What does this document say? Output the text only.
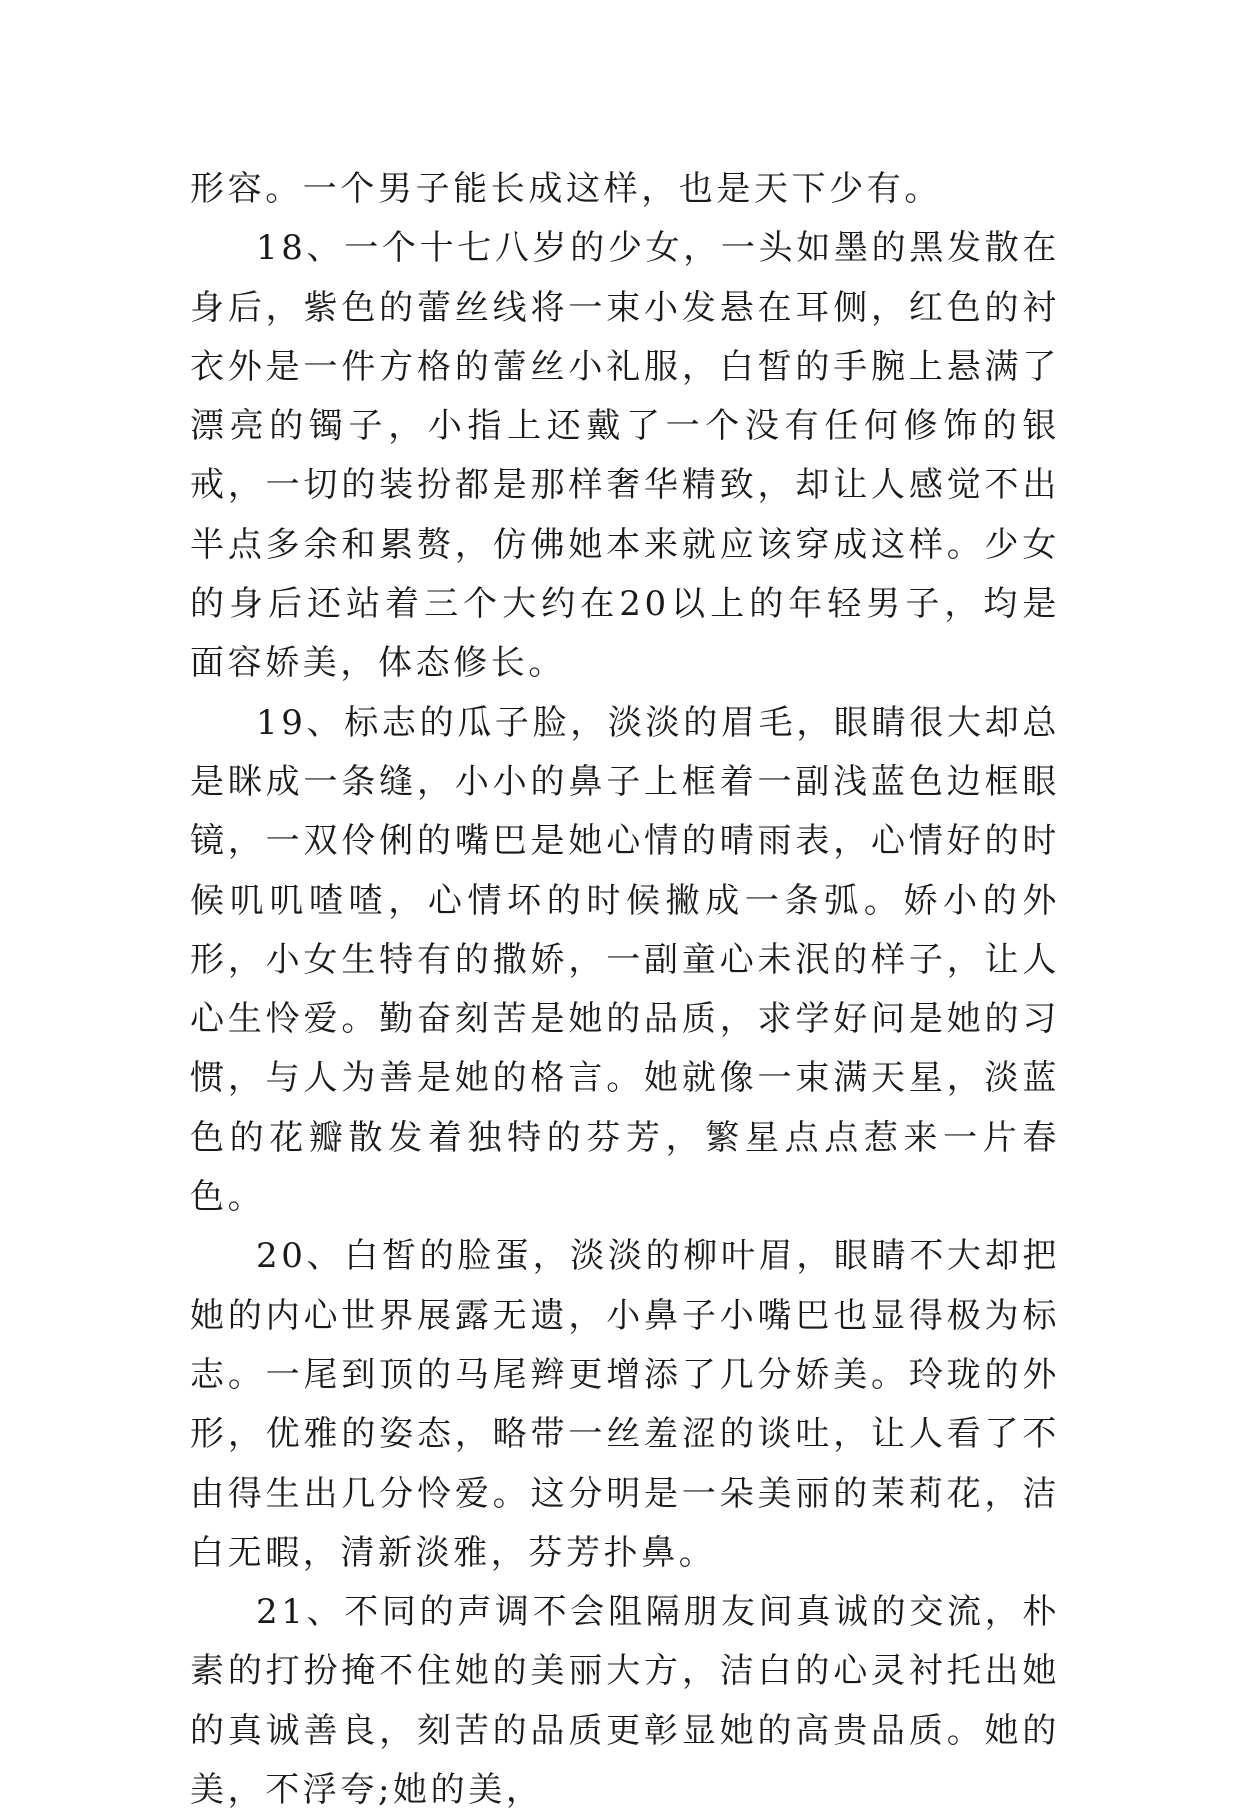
形容。一个男子能长成这样，也是天下少有。

18、一个十七八岁的少女，一头如墨的黑发散在身后，紫色的蕾丝线将一束小发悬在耳侧，红色的衬衣外是一件方格的蕾丝小礼服，白皙的手腕上悬满了漂亮的镯子，小指上还戴了一个没有任何修饰的银戒，一切的装扮都是那样奢华精致，却让人感觉不出半点多余和累赘，仿佛她本来就应该穿成这样。少女的身后还站着三个大约在20以上的年轻男子，均是面容娇美，体态修长。

19、标志的瓜子脸，淡淡的眉毛，眼睛很大却总是眯成一条缝，小小的鼻子上框着一副浅蓝色边框眼镜，一双伶俐的嘴巴是她心情的晴雨表，心情好的时候叽叽喳喳，心情坏的时候撇成一条弧。娇小的外形，小女生特有的撒娇，一副童心未泯的样子，让人心生怜爱。勤奋刻苦是她的品质，求学好问是她的习惯，与人为善是她的格言。她就像一束满天星，淡蓝色的花瓣散发着独特的芬芳，繁星点点惹来一片春色。

20、白皙的脸蛋，淡淡的柳叶眉，眼睛不大却把她的内心世界展露无遗，小鼻子小嘴巴也显得极为标志。一尾到顶的马尾辫更增添了几分娇美。玲珑的外形，优雅的姿态，略带一丝羞涩的谈吐，让人看了不由得生出几分怜爱。这分明是一朵美丽的茉莉花，洁白无暇，清新淡雅，芬芳扑鼻。

21、不同的声调不会阻隔朋友间真诚的交流，朴素的打扮掩不住她的美丽大方，洁白的心灵衬托出她的真诚善良，刻苦的品质更彰显她的高贵品质。她的美，不浮夸;她的美，
